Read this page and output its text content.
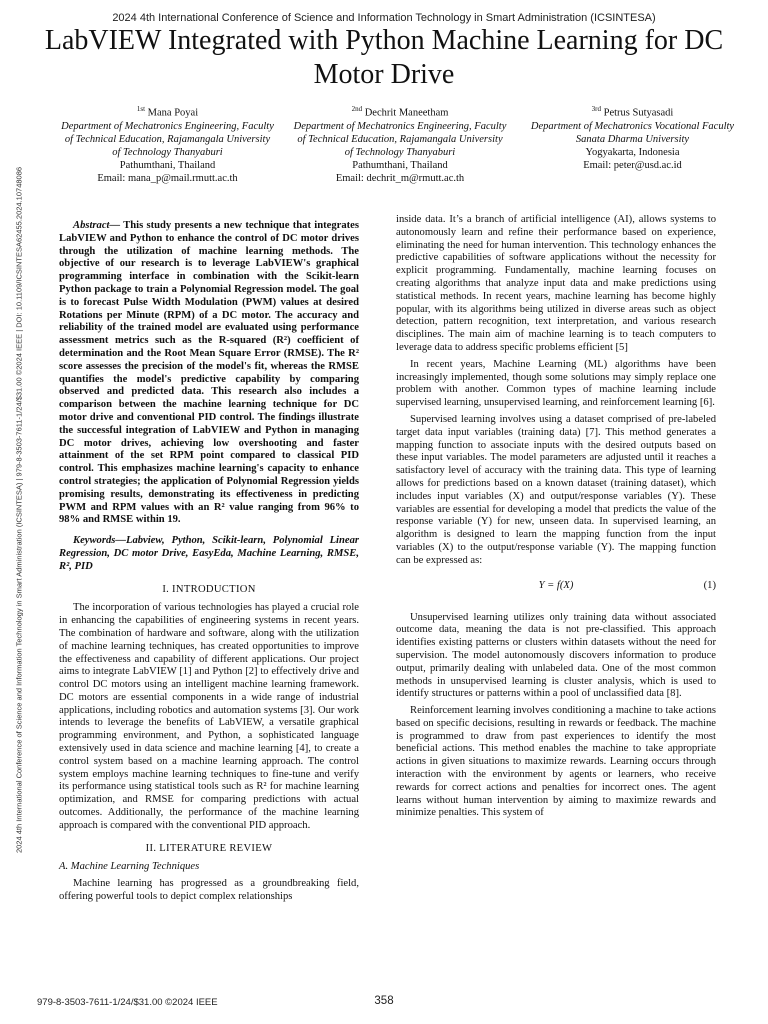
2024 4th International Conference of Science and Information Technology in Smart Administration (ICSINTESA)
LabVIEW Integrated with Python Machine Learning for DC Motor Drive
2024 4th International Conference of Science and Information Technology in Smart Administration (ICSINTESA) | 979-8-3503-7611-1/24/$31.00 ©2024 IEEE | DOI: 10.1109/ICSINTESA62455.2024.10748086
$^{1st}$ Mana Poyai
Department of Mechatronics Engineering, Faculty of Technical Education, Rajamangala University of Technology Thanyaburi
Pathumthani, Thailand
Email: mana_p@mail.rmutt.ac.th
$^{2nd}$ Dechrit Maneetham
Department of Mechatronics Engineering, Faculty of Technical Education, Rajamangala University of Technology Thanyaburi
Pathumthani, Thailand
Email: dechrit_m@rmutt.ac.th
$^{3rd}$ Petrus Sutyasadi
Department of Mechatronics Vocational Faculty Sanata Dharma University
Yogyakarta, Indonesia
Email: peter@usd.ac.id

Abstract— This study presents a new technique that integrates LabVIEW and Python to enhance the control of DC motor drives through the utilization of machine learning methods. The objective of our research is to leverage LabVIEW's graphical programming interface in combination with the Scikit-learn Python package to train a Polynomial Regression model. The goal is to forecast Pulse Width Modulation (PWM) values at desired Rotations per Minute (RPM) of a DC motor. The accuracy and reliability of the trained model are evaluated using performance assessment metrics such as the R-squared (R²) coefficient of determination and the Root Mean Square Error (RMSE). The R² score assesses the precision of the model's fit, whereas the RMSE quantifies the model's predictive capability by comparing observed and predicted data. This research also includes a comparison between the machine learning technique for DC motor drive and conventional PID control. The findings illustrate the successful integration of LabVIEW and Python in managing DC motor drives, achieving low overshooting and faster attainment of the set RPM point compared to classical PID control. This emphasizes machine learning's capacity to enhance control strategies; the application of Polynomial Regression yields promising results, demonstrating its effectiveness in predicting PWM and RPM values with an R² value ranging from 96% to 98% and RMSE within 19.

Keywords—Labview, Python, Scikit-learn, Polynomial Linear Regression, DC motor Drive, EasyEda, Machine Learning, RMSE, R², PID

I. INTRODUCTION

The incorporation of various technologies has played a crucial role in enhancing the capabilities of engineering systems in recent years. The combination of hardware and software, along with the utilization of machine learning techniques, has created opportunities to improve the effectiveness and capability of different applications. Our project aims to integrate LabVIEW [1] and Python [2] to effectively drive and control DC motors using an intelligent machine learning framework. DC motors are essential components in a wide range of industrial applications, including robotics and automation systems [3]. Our work intends to leverage the benefits of LabVIEW, a versatile graphical programming environment, and Python, a sophisticated language extensively used in data science and machine learning [4], to create a control system based on a machine learning approach. The control system employs machine learning techniques to fine-tune and verify its performance using statistical tools such as R² for machine learning optimization, and RMSE for comparing predictions with actual outcomes. Additionally, the performance of the machine learning approach is compared with the conventional PID approach.

II. LITERATURE REVIEW
A. Machine Learning Techniques

Machine learning has progressed as a groundbreaking field, offering powerful tools to depict complex relationships

inside data. It’s a branch of artificial intelligence (AI), allows systems to autonomously learn and refine their performance based on experience, eliminating the need for human intervention. This technology enhances the predictive capabilities of software applications without the necessity for explicit programming. Fundamentally, machine learning focuses on creating algorithms that analyze input data and make predictions using statistical methods. In recent years, machine learning has become highly popular, with its algorithms being utilized in diverse areas such as object detection, pattern recognition, text interpretation, and various research disciplines. The main aim of machine learning is to teach computers to leverage data to address specific problems efficient [5]

In recent years, Machine Learning (ML) algorithms have been increasingly implemented, though some solutions may simply replace one problem with another. Common types of machine learning include supervised learning, unsupervised learning, and reinforcement learning [6].

Supervised learning involves using a dataset comprised of pre-labeled target data input variables (training data) [7]. This method generates a mapping function to associate inputs with the desired outputs based on these input variables. The model parameters are adjusted until it reaches a satisfactory level of accuracy with the training data. This type of learning allows for predictions based on a known dataset (training dataset), which includes input variables (X) and output/response variables (Y). These variables are essential for developing a model that predicts the value of the response variable (Y) for new, unseen data. In supervised learning, an algorithm is designed to learn the mapping function from the input variables (X) to the output/response variable (Y). The mapping function can be expressed as:

Y = f(X)	(1)

Unsupervised learning utilizes only training data without associated outcome data, meaning the data is not pre-classified. This approach identifies existing patterns or clusters within datasets without the need for supervision. The model autonomously discovers information to produce output, primarily dealing with unlabeled data. One of the most common methods in unsupervised learning is cluster analysis, which is used to identify structures or patterns within a pool of unclassified data [8].

Reinforcement learning involves conditioning a machine to take actions based on specific decisions, resulting in rewards or feedback. The machine is programmed to draw from past experiences to identify the most beneficial actions. This method enables the machine to take appropriate actions in given situations to maximize rewards. Learning occurs through interaction with the environment by agents or learners, who receive rewards for correct actions and penalties for incorrect ones. The agent learns without human intervention by aiming to maximize rewards and minimize penalties. This system of

979-8-3503-7611-1/24/$31.00 ©2024 IEEE	358
